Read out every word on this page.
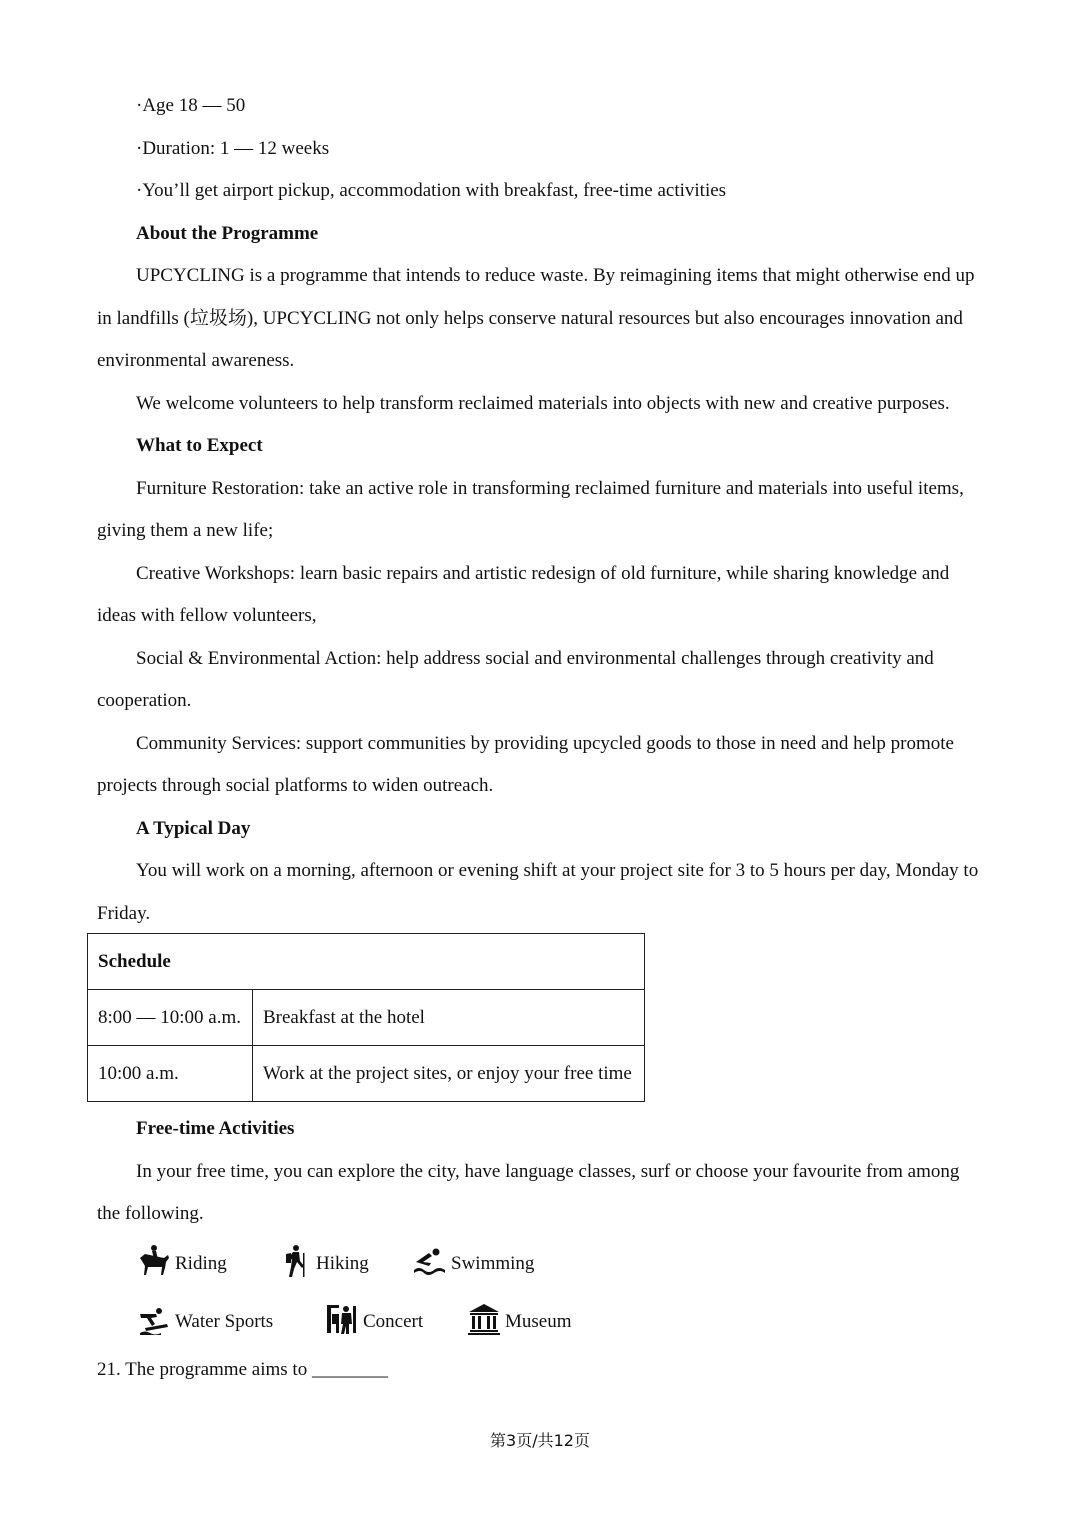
·Age 18 — 50
·Duration: 1 — 12 weeks
·You’ll get airport pickup, accommodation with breakfast, free-time activities
About the Programme
UPCYCLING is a programme that intends to reduce waste. By reimagining items that might otherwise end up
in landfills (垃圾场), UPCYCLING not only helps conserve natural resources but also encourages innovation and
environmental awareness.
We welcome volunteers to help transform reclaimed materials into objects with new and creative purposes.
What to Expect
Furniture Restoration: take an active role in transforming reclaimed furniture and materials into useful items,
giving them a new life;
Creative Workshops: learn basic repairs and artistic redesign of old furniture, while sharing knowledge and
ideas with fellow volunteers,
Social & Environmental Action: help address social and environmental challenges through creativity and
cooperation.
Community Services: support communities by providing upcycled goods to those in need and help promote
projects through social platforms to widen outreach.
A Typical Day
You will work on a morning, afternoon or evening shift at your project site for 3 to 5 hours per day, Monday to
Friday.
Schedule	
8:00 — 10:00 a.m.	Breakfast at the hotel
10:00 a.m.	Work at the project sites, or enjoy your free time
Free-time Activities
In your free time, you can explore the city, have language classes, surf or choose your favourite from among
the following.
Riding	Hiking	Swimming
Water Sports	Concert	Museum
21. The programme aims to ________
第3页/共12页
